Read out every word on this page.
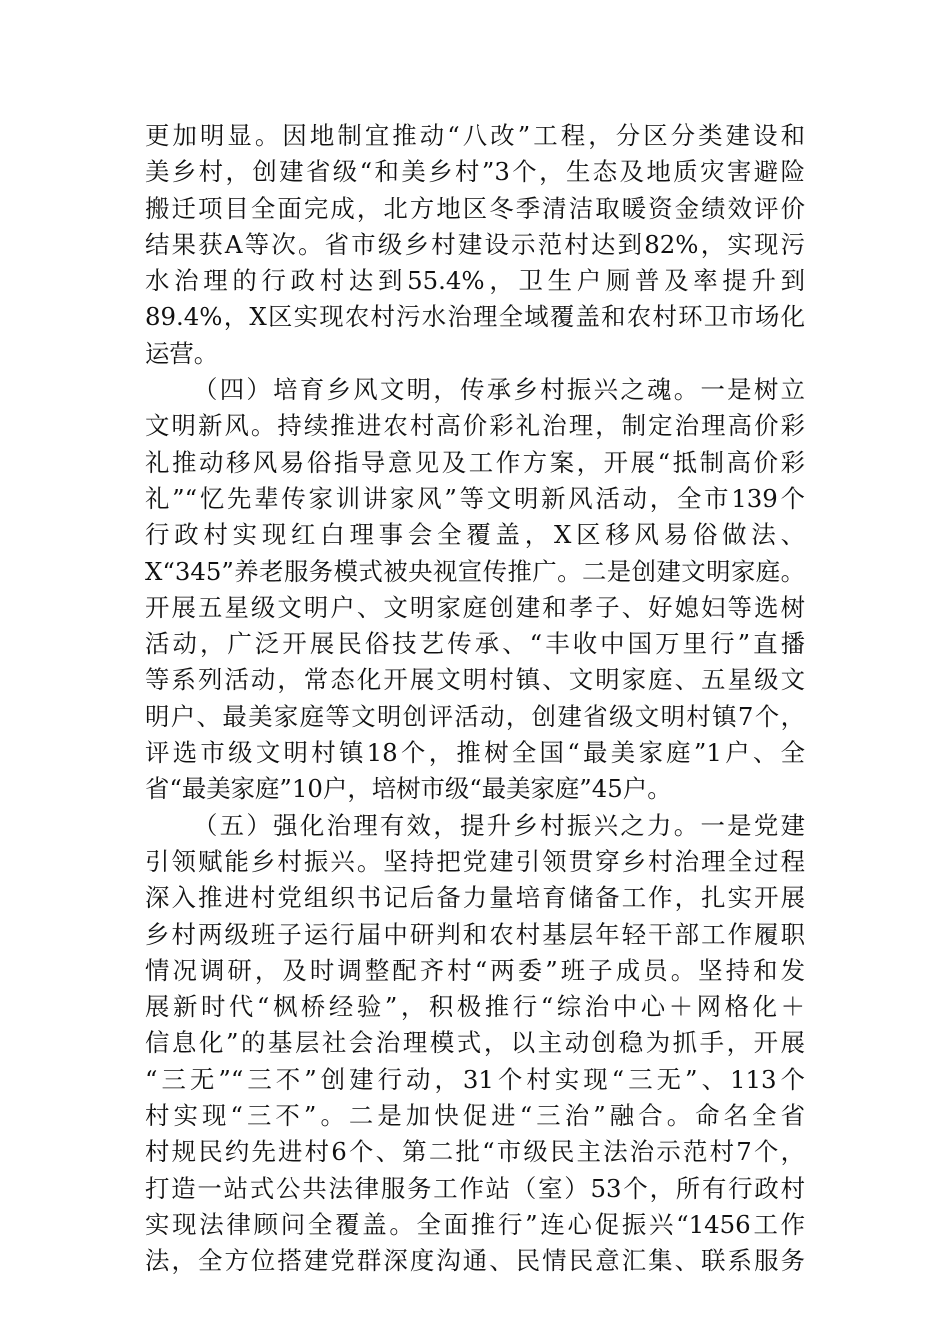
更加明显。因地制宜推动“八改”工程，分区分类建设和
美乡村，创建省级“和美乡村”3个，生态及地质灾害避险
搬迁项目全面完成，北方地区冬季清洁取暖资金绩效评价
结果获A等次。省市级乡村建设示范村达到82%，实现污
水治理的行政村达到55.4%，卫生户厕普及率提升到
89.4%，X区实现农村污水治理全域覆盖和农村环卫市场化
运营。
（四）培育乡风文明，传承乡村振兴之魂。一是树立
文明新风。持续推进农村高价彩礼治理，制定治理高价彩
礼推动移风易俗指导意见及工作方案，开展“抵制高价彩
礼”“忆先辈传家训讲家风”等文明新风活动，全市139个
行政村实现红白理事会全覆盖，X区移风易俗做法、
X“345”养老服务模式被央视宣传推广。二是创建文明家庭。
开展五星级文明户、文明家庭创建和孝子、好媳妇等选树
活动，广泛开展民俗技艺传承、“丰收中国万里行”直播
等系列活动，常态化开展文明村镇、文明家庭、五星级文
明户、最美家庭等文明创评活动，创建省级文明村镇7个，
评选市级文明村镇18个，推树全国“最美家庭”1户、全
省“最美家庭”10户，培树市级“最美家庭”45户。
（五）强化治理有效，提升乡村振兴之力。一是党建
引领赋能乡村振兴。坚持把党建引领贯穿乡村治理全过程
深入推进村党组织书记后备力量培育储备工作，扎实开展
乡村两级班子运行届中研判和农村基层年轻干部工作履职
情况调研，及时调整配齐村“两委”班子成员。坚持和发
展新时代“枫桥经验”，积极推行“综治中心＋网格化＋
信息化”的基层社会治理模式，以主动创稳为抓手，开展
“三无”“三不”创建行动，31个村实现“三无”、113个
村实现“三不”。二是加快促进“三治”融合。命名全省
村规民约先进村6个、第二批“市级民主法治示范村7个，
打造一站式公共法律服务工作站（室）53个，所有行政村
实现法律顾问全覆盖。全面推行”连心促振兴“1456工作
法，全方位搭建党群深度沟通、民情民意汇集、联系服务
